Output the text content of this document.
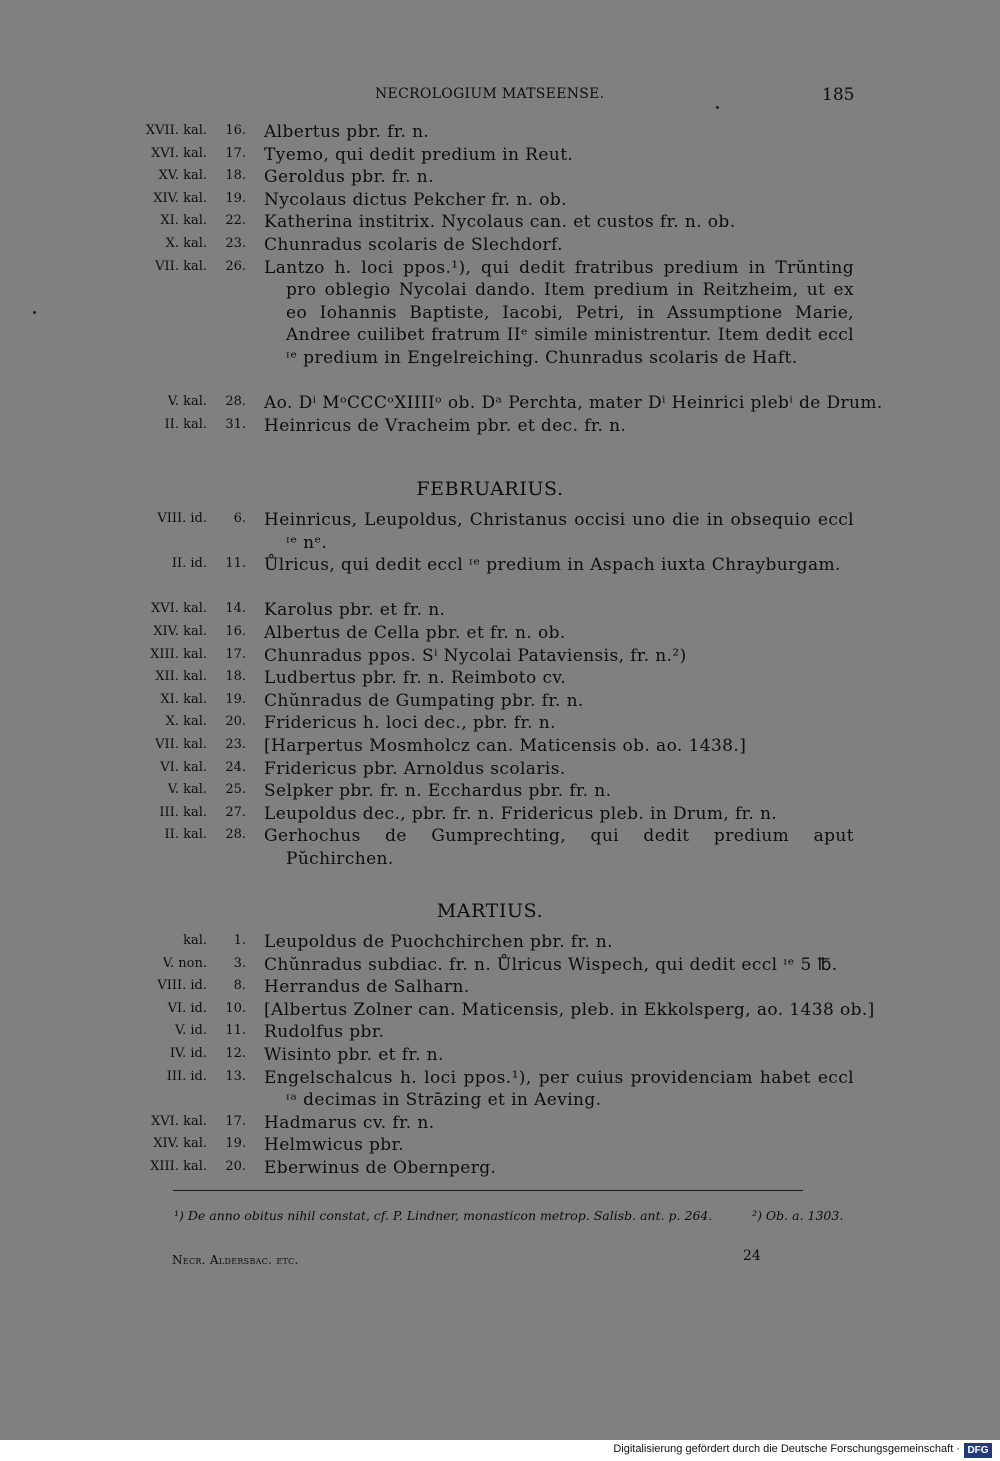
NECROLOGIUM MATSEENSE.	185
XVII. kal. 16. Albertus pbr. fr. n.
XVI. kal. 17. Tyemo, qui dedit predium in Reut.
XV. kal. 18. Geroldus pbr. fr. n.
XIV. kal. 19. Nycolaus dictus Pekcher fr. n. ob.
XI. kal. 22. Katherina institrix. Nycolaus can. et custos fr. n. ob.
X. kal. 23. Chunradus scolaris de Slechdorf.
VII. kal. 26. Lantzo h. loci ppos.¹), qui dedit fratribus predium in Trŭnting pro oblegio Nycolai dando. Item predium in Reitzheim, ut ex eo Iohannis Baptiste, Iacobi, Petri, in Assumptione Marie, Andree cuilibet fratrum IIᵉ simile ministrentur. Item dedit eccl ᶦᵉ predium in Engelreiching. Chunradus scolaris de Haft.
V. kal. 28. Ao. Dⁱ MᵒCCCᵒXIIIIᵒ ob. Dᵃ Perchta, mater Dⁱ Heinrici plebⁱ de Drum.
II. kal. 31. Heinricus de Vracheim pbr. et dec. fr. n.
FEBRUARIUS.
VIII. id. 6. Heinricus, Leupoldus, Christanus occisi uno die in obsequio eccl ᶦᵉ nᵉ.
II. id. 11. Ůlricus, qui dedit eccl ᶦᵉ predium in Aspach iuxta Chrayburgam.
XVI. kal. 14. Karolus pbr. et fr. n.
XIV. kal. 16. Albertus de Cella pbr. et fr. n. ob.
XIII. kal. 17. Chunradus ppos. Sⁱ Nycolai Pataviensis, fr. n.²)
XII. kal. 18. Ludbertus pbr. fr. n. Reimboto cv.
XI. kal. 19. Chŭnradus de Gumpating pbr. fr. n.
X. kal. 20. Fridericus h. loci dec., pbr. fr. n.
VII. kal. 23. [Harpertus Mosmholcz can. Maticensis ob. ao. 1438.]
VI. kal. 24. Fridericus pbr. Arnoldus scolaris.
V. kal. 25. Selpker pbr. fr. n. Ecchardus pbr. fr. n.
III. kal. 27. Leupoldus dec., pbr. fr. n. Fridericus pleb. in Drum, fr. n.
II. kal. 28. Gerhochus de Gumprechting, qui dedit predium aput Pŭchirchen.
MARTIUS.
kal. 1. Leupoldus de Puochchirchen pbr. fr. n.
V. non. 3. Chŭnradus subdiac. fr. n. Ůlricus Wispech, qui dedit eccl ᶦᵉ 5 ℔.
VIII. id. 8. Herrandus de Salharn.
VI. id. 10. [Albertus Zolner can. Maticensis, pleb. in Ekkolsperg, ao. 1438 ob.]
V. id. 11. Rudolfus pbr.
IV. id. 12. Wisinto pbr. et fr. n.
III. id. 13. Engelschalcus h. loci ppos.¹), per cuius providenciam habet eccl ᶦᵃ decimas in Strāzing et in Aeving.
XVI. kal. 17. Hadmarus cv. fr. n.
XIV. kal. 19. Helmwicus pbr.
XIII. kal. 20. Eberwinus de Obernperg.
¹) De anno obitus nihil constat, cf. P. Lindner, monasticon metrop. Salisb. ant. p. 264.	²) Ob. a. 1303.
Necr. Aldersbac. etc.	24
Digitalisierung gefördert durch die Deutsche Forschungsgemeinschaft · DFG
